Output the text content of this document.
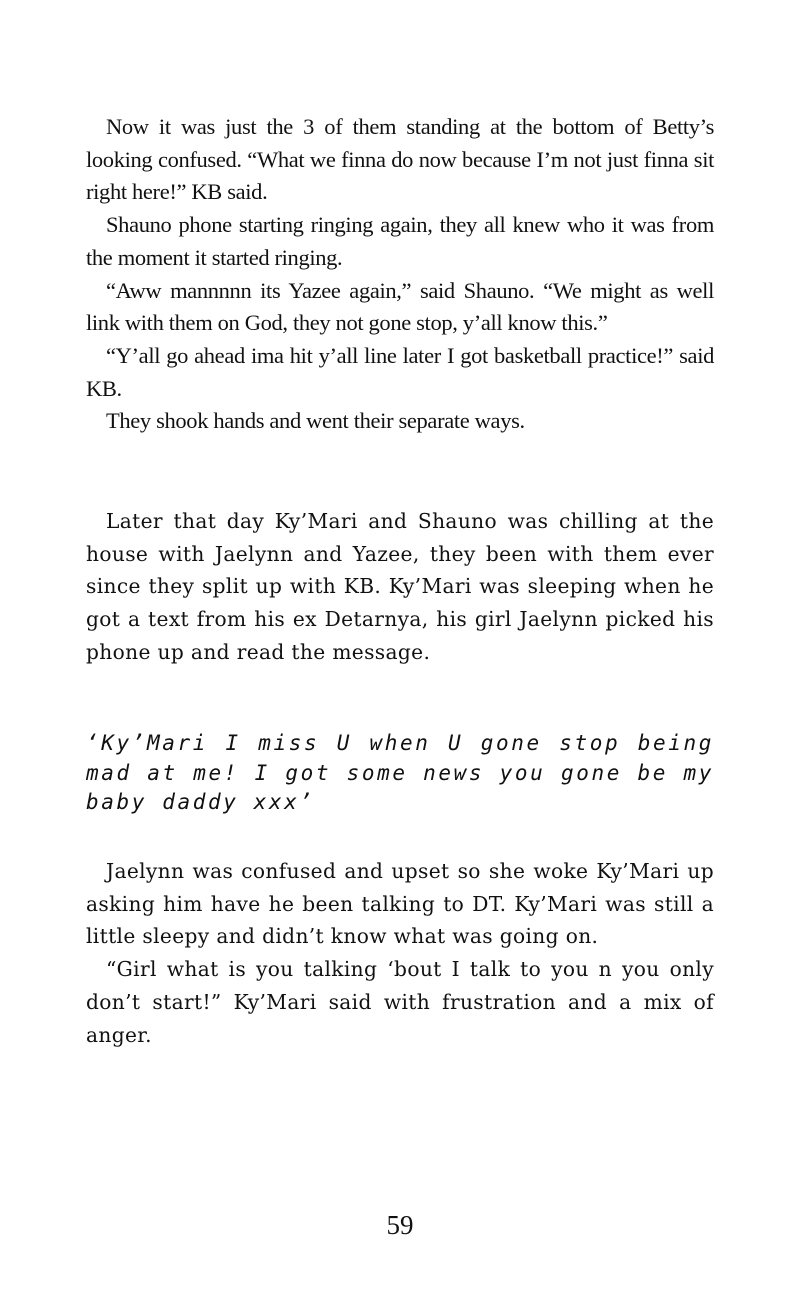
Now it was just the 3 of them standing at the bottom of Betty’s looking confused. “What we finna do now because I’m not just finna sit right here!” KB said.

Shauno phone starting ringing again, they all knew who it was from the moment it started ringing.

“Aww mannnnn its Yazee again,” said Shauno. “We might as well link with them on God, they not gone stop, y’all know this.”

“Y’all go ahead ima hit y’all line later I got basketball practice!” said KB.

They shook hands and went their separate ways.

Later that day Ky’Mari and Shauno was chilling at the house with Jaelynn and Yazee, they been with them ever since they split up with KB. Ky’Mari was sleeping when he got a text from his ex Detarnya, his girl Jaelynn picked his phone up and read the message.

‘Ky’Mari I miss U when U gone stop being mad at me! I got some news you gone be my baby daddy xxx’

Jaelynn was confused and upset so she woke Ky’Mari up asking him have he been talking to DT. Ky’Mari was still a little sleepy and didn’t know what was going on.

“Girl what is you talking ‘bout I talk to you n you only don’t start!” Ky’Mari said with frustration and a mix of anger.

59
